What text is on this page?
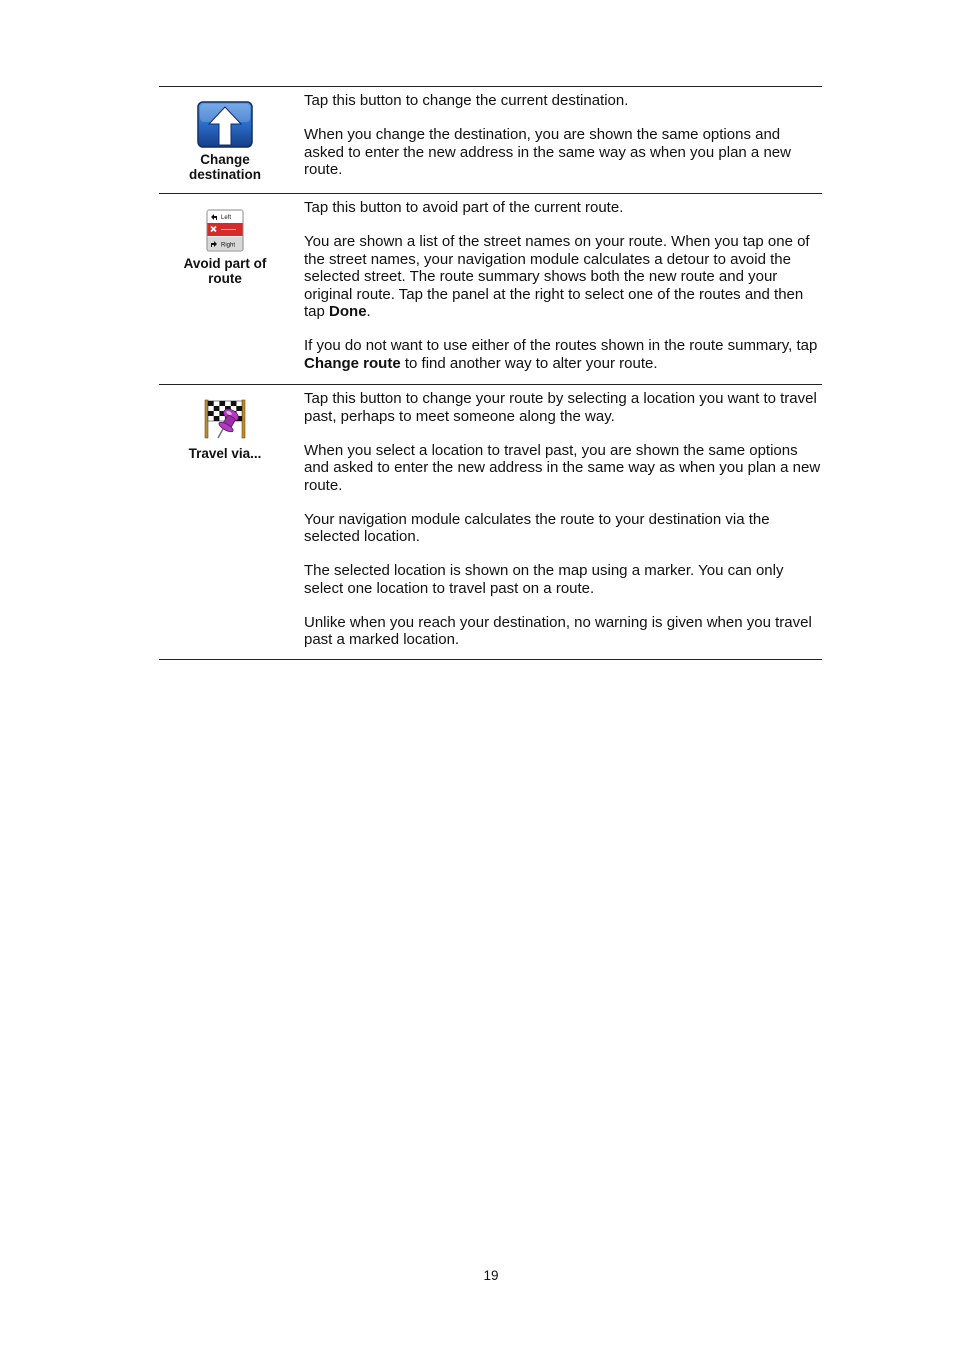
Change destination

Tap this button to change the current destination.

When you change the destination, you are shown the same options and asked to enter the new address in the same way as when you plan a new route.

Left
Right
Avoid part of route

Tap this button to avoid part of the current route.

You are shown a list of the street names on your route. When you tap one of the street names, your navigation module calculates a detour to avoid the selected street. The route summary shows both the new route and your original route. Tap the panel at the right to select one of the routes and then tap Done.

If you do not want to use either of the routes shown in the route summary, tap Change route to find another way to alter your route.

Travel via...

Tap this button to change your route by selecting a location you want to travel past, perhaps to meet someone along the way.

When you select a location to travel past, you are shown the same options and asked to enter the new address in the same way as when you plan a new route.

Your navigation module calculates the route to your destination via the selected location.

The selected location is shown on the map using a marker. You can only select one location to travel past on a route.

Unlike when you reach your destination, no warning is given when you travel past a marked location.

19
